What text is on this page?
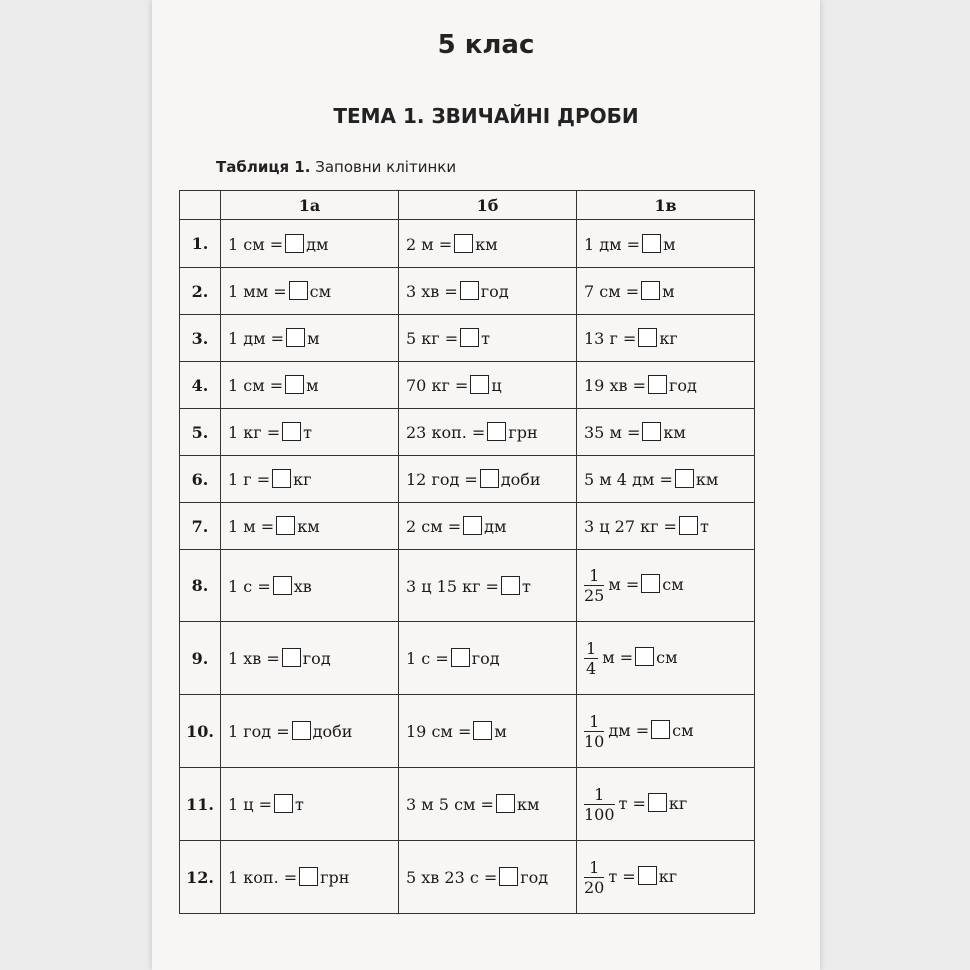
5 клас
ТЕМА 1. ЗВИЧАЙНІ ДРОБИ
Таблиця 1. Заповни клітинки
	1а	1б	1в
1.	1 см = дм	2 м = км	1 дм = м
2.	1 мм = см	3 хв = год	7 см = м
3.	1 дм = м	5 кг = т	13 г = кг
4.	1 см = м	70 кг = ц	19 хв = год
5.	1 кг = т	23 коп. = грн	35 м = км
6.	1 г = кг	12 год = доби	5 м 4 дм = км
7.	1 м = км	2 см = дм	3 ц 27 кг = т
8.	1 с = хв	3 ц 15 кг = т	$\frac{1}{25}$ м = см
9.	1 хв = год	1 с = год	$\frac{1}{4}$ м = см
10.	1 год = доби	19 см = м	$\frac{1}{10}$ дм = см
11.	1 ц = т	3 м 5 см = км	$\frac{1}{100}$ т = кг
12.	1 коп. = грн	5 хв 23 с = год	$\frac{1}{20}$ т = кг
